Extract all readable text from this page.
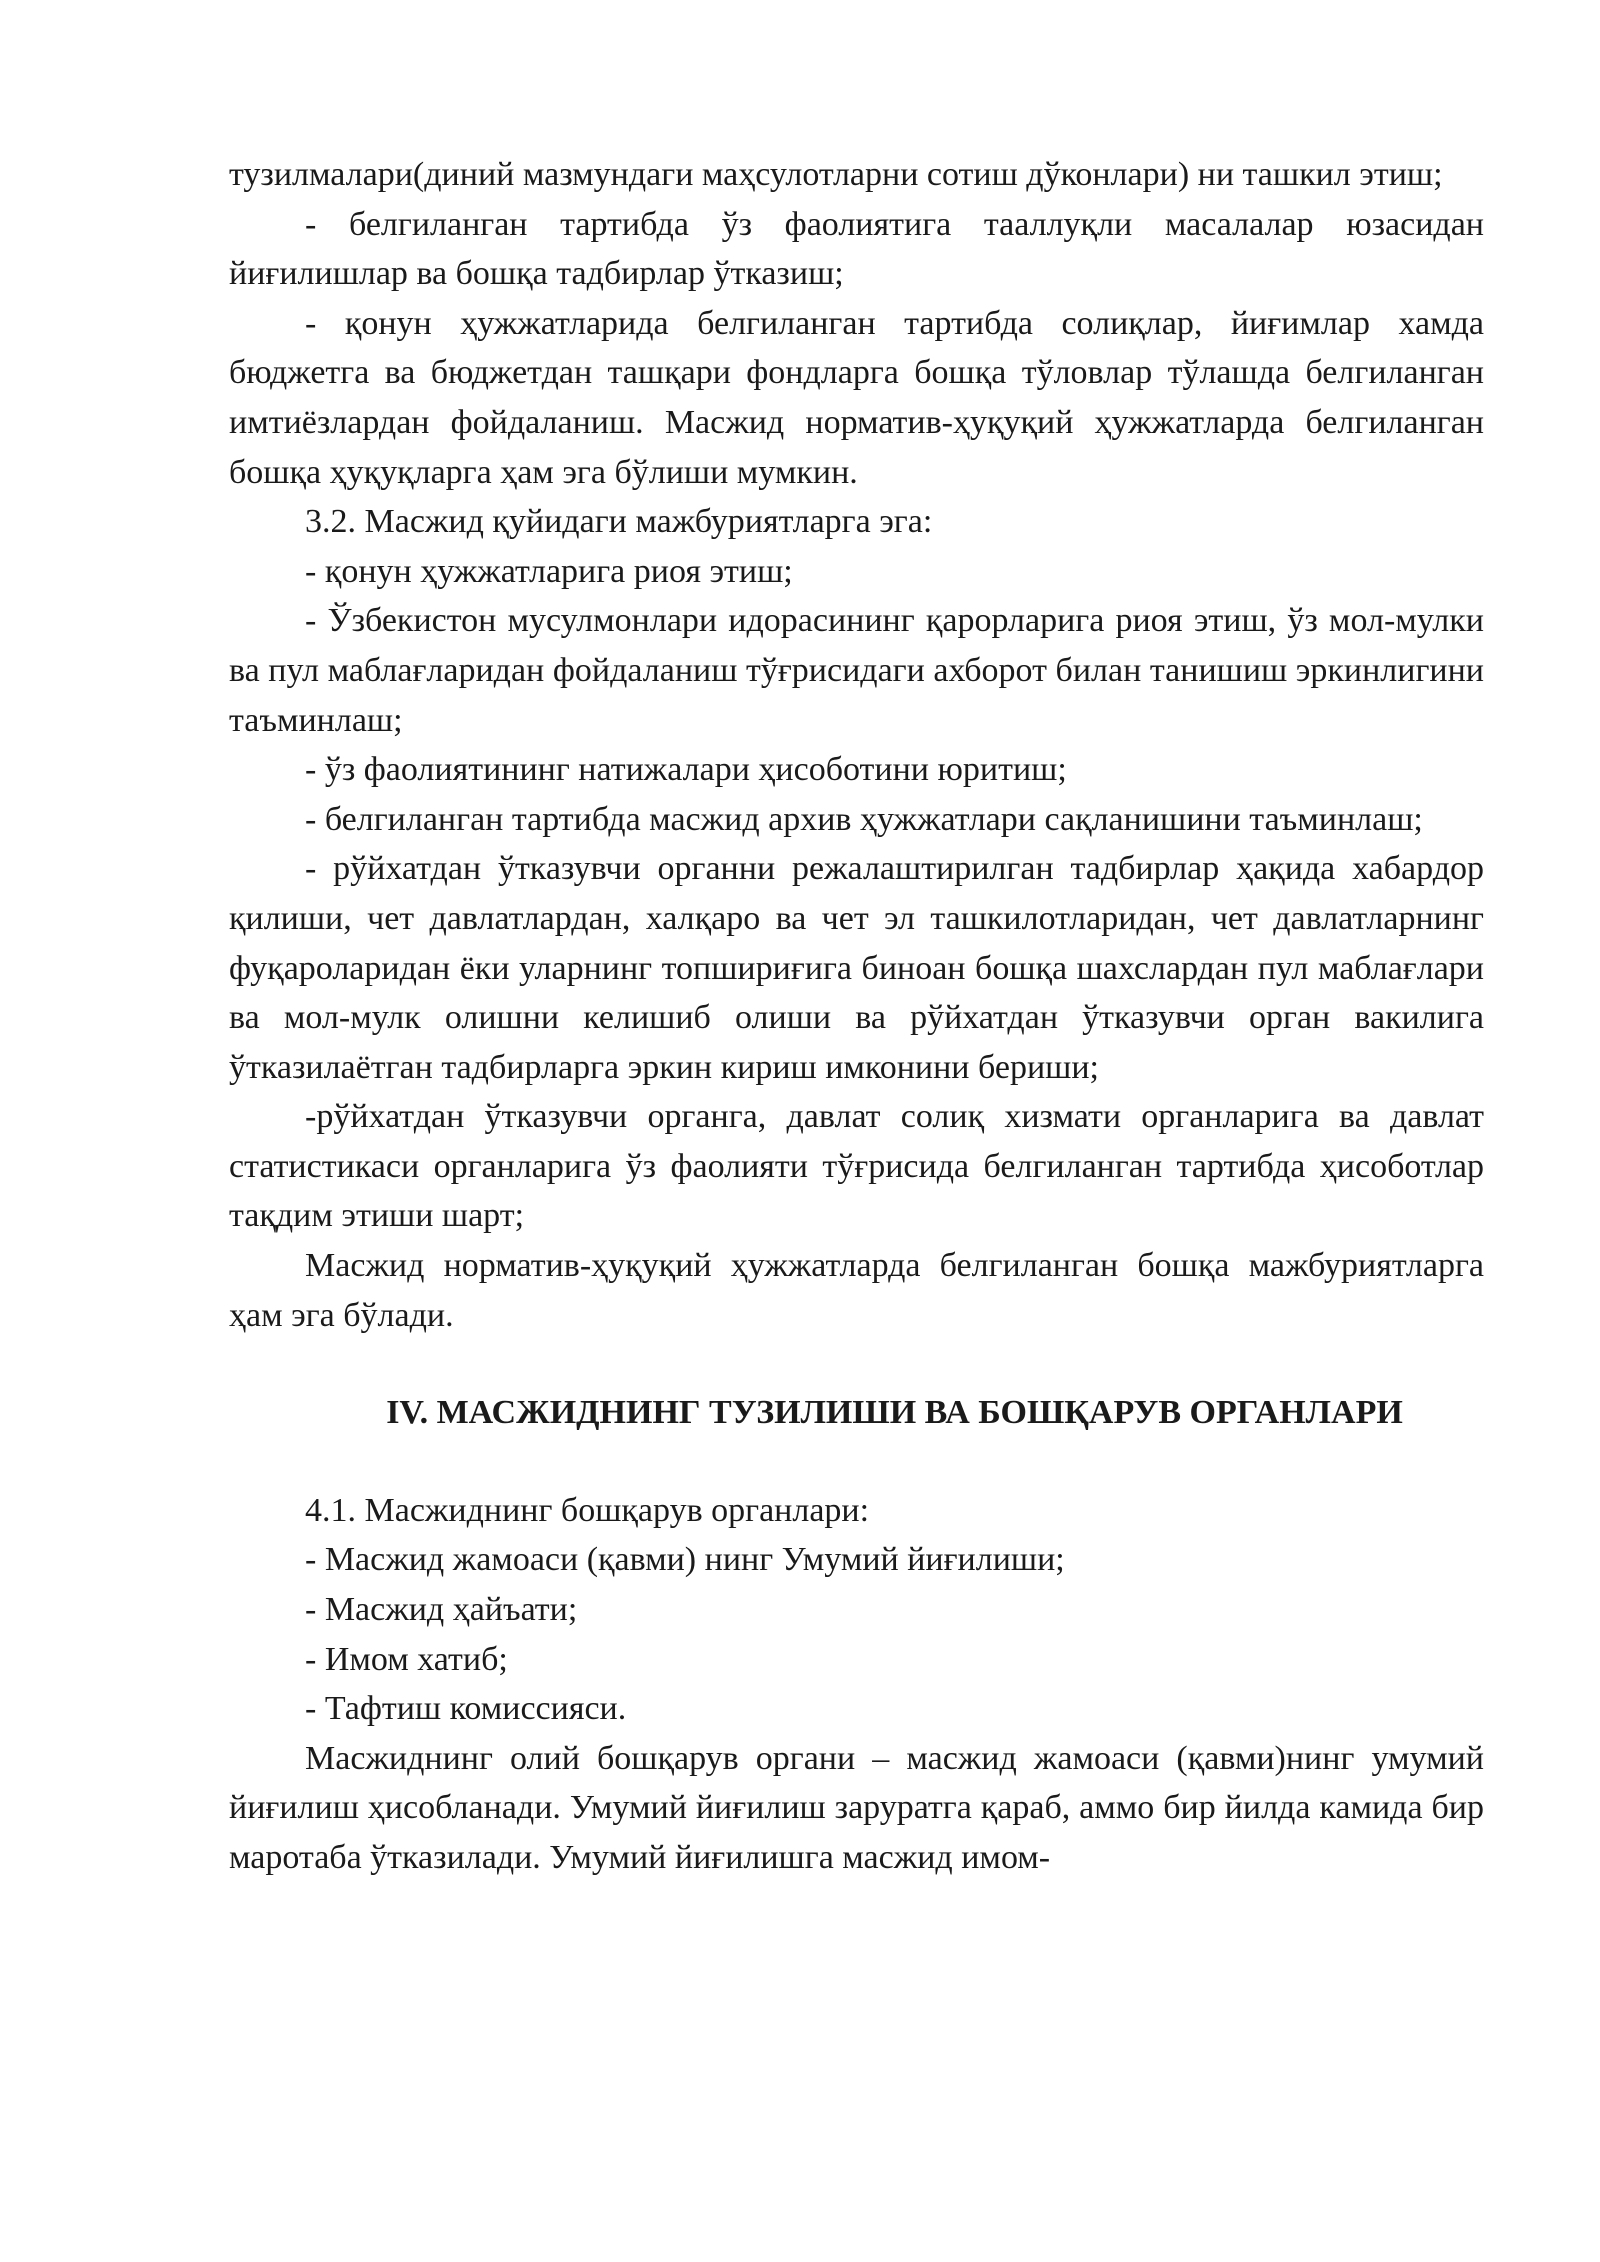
тузилмалари(диний мазмундаги маҳсулотларни сотиш дўконлари) ни ташкил этиш;

- белгиланган тартибда ўз фаолиятига тааллуқли масалалар юзасидан йиғилишлар ва бошқа тадбирлар ўтказиш;

- қонун ҳужжатларида белгиланган тартибда солиқлар, йиғимлар хамда бюджетга ва бюджетдан ташқари фондларга бошқа тўловлар тўлашда белгиланган имтиёзлардан фойдаланиш. Масжид норматив-ҳуқуқий ҳужжатларда белгиланган бошқа ҳуқуқларга ҳам эга бўлиши мумкин.

3.2. Масжид қуйидаги мажбуриятларга эга:

- қонун ҳужжатларига риоя этиш;

- Ўзбекистон мусулмонлари идорасининг қарорларига риоя этиш, ўз мол-мулки ва пул маблағларидан фойдаланиш тўғрисидаги ахборот билан танишиш эркинлигини таъминлаш;

- ўз фаолиятининг натижалари ҳисоботини юритиш;

- белгиланган тартибда масжид архив ҳужжатлари сақланишини таъминлаш;

- рўйхатдан ўтказувчи органни режалаштирилган тадбирлар ҳақида хабардор қилиши, чет давлатлардан, халқаро ва чет эл ташкилотларидан, чет давлатларнинг фуқароларидан ёки уларнинг топшириғига биноан бошқа шахслардан пул маблағлари ва мол-мулк олишни келишиб олиши ва рўйхатдан ўтказувчи орган вакилига ўтказилаётган тадбирларга эркин кириш имконини бериши;

-рўйхатдан ўтказувчи органга, давлат солиқ хизмати органларига ва давлат статистикаси органларига ўз фаолияти тўғрисида белгиланган тартибда ҳисоботлар тақдим этиши шарт;

Масжид норматив-ҳуқуқий ҳужжатларда белгиланган бошқа мажбуриятларга ҳам эга бўлади.

IV. МАСЖИДНИНГ ТУЗИЛИШИ ВА БОШҚАРУВ ОРГАНЛАРИ

4.1. Масжиднинг бошқарув органлари:

- Масжид жамоаси (қавми) нинг Умумий йиғилиши;

- Масжид ҳайъати;

- Имом хатиб;

- Тафтиш комиссияси.

Масжиднинг олий бошқарув органи – масжид жамоаси (қавми)нинг умумий йиғилиш ҳисобланади. Умумий йиғилиш заруратга қараб, аммо бир йилда камида бир маротаба ўтказилади. Умумий йиғилишга масжид имом-
